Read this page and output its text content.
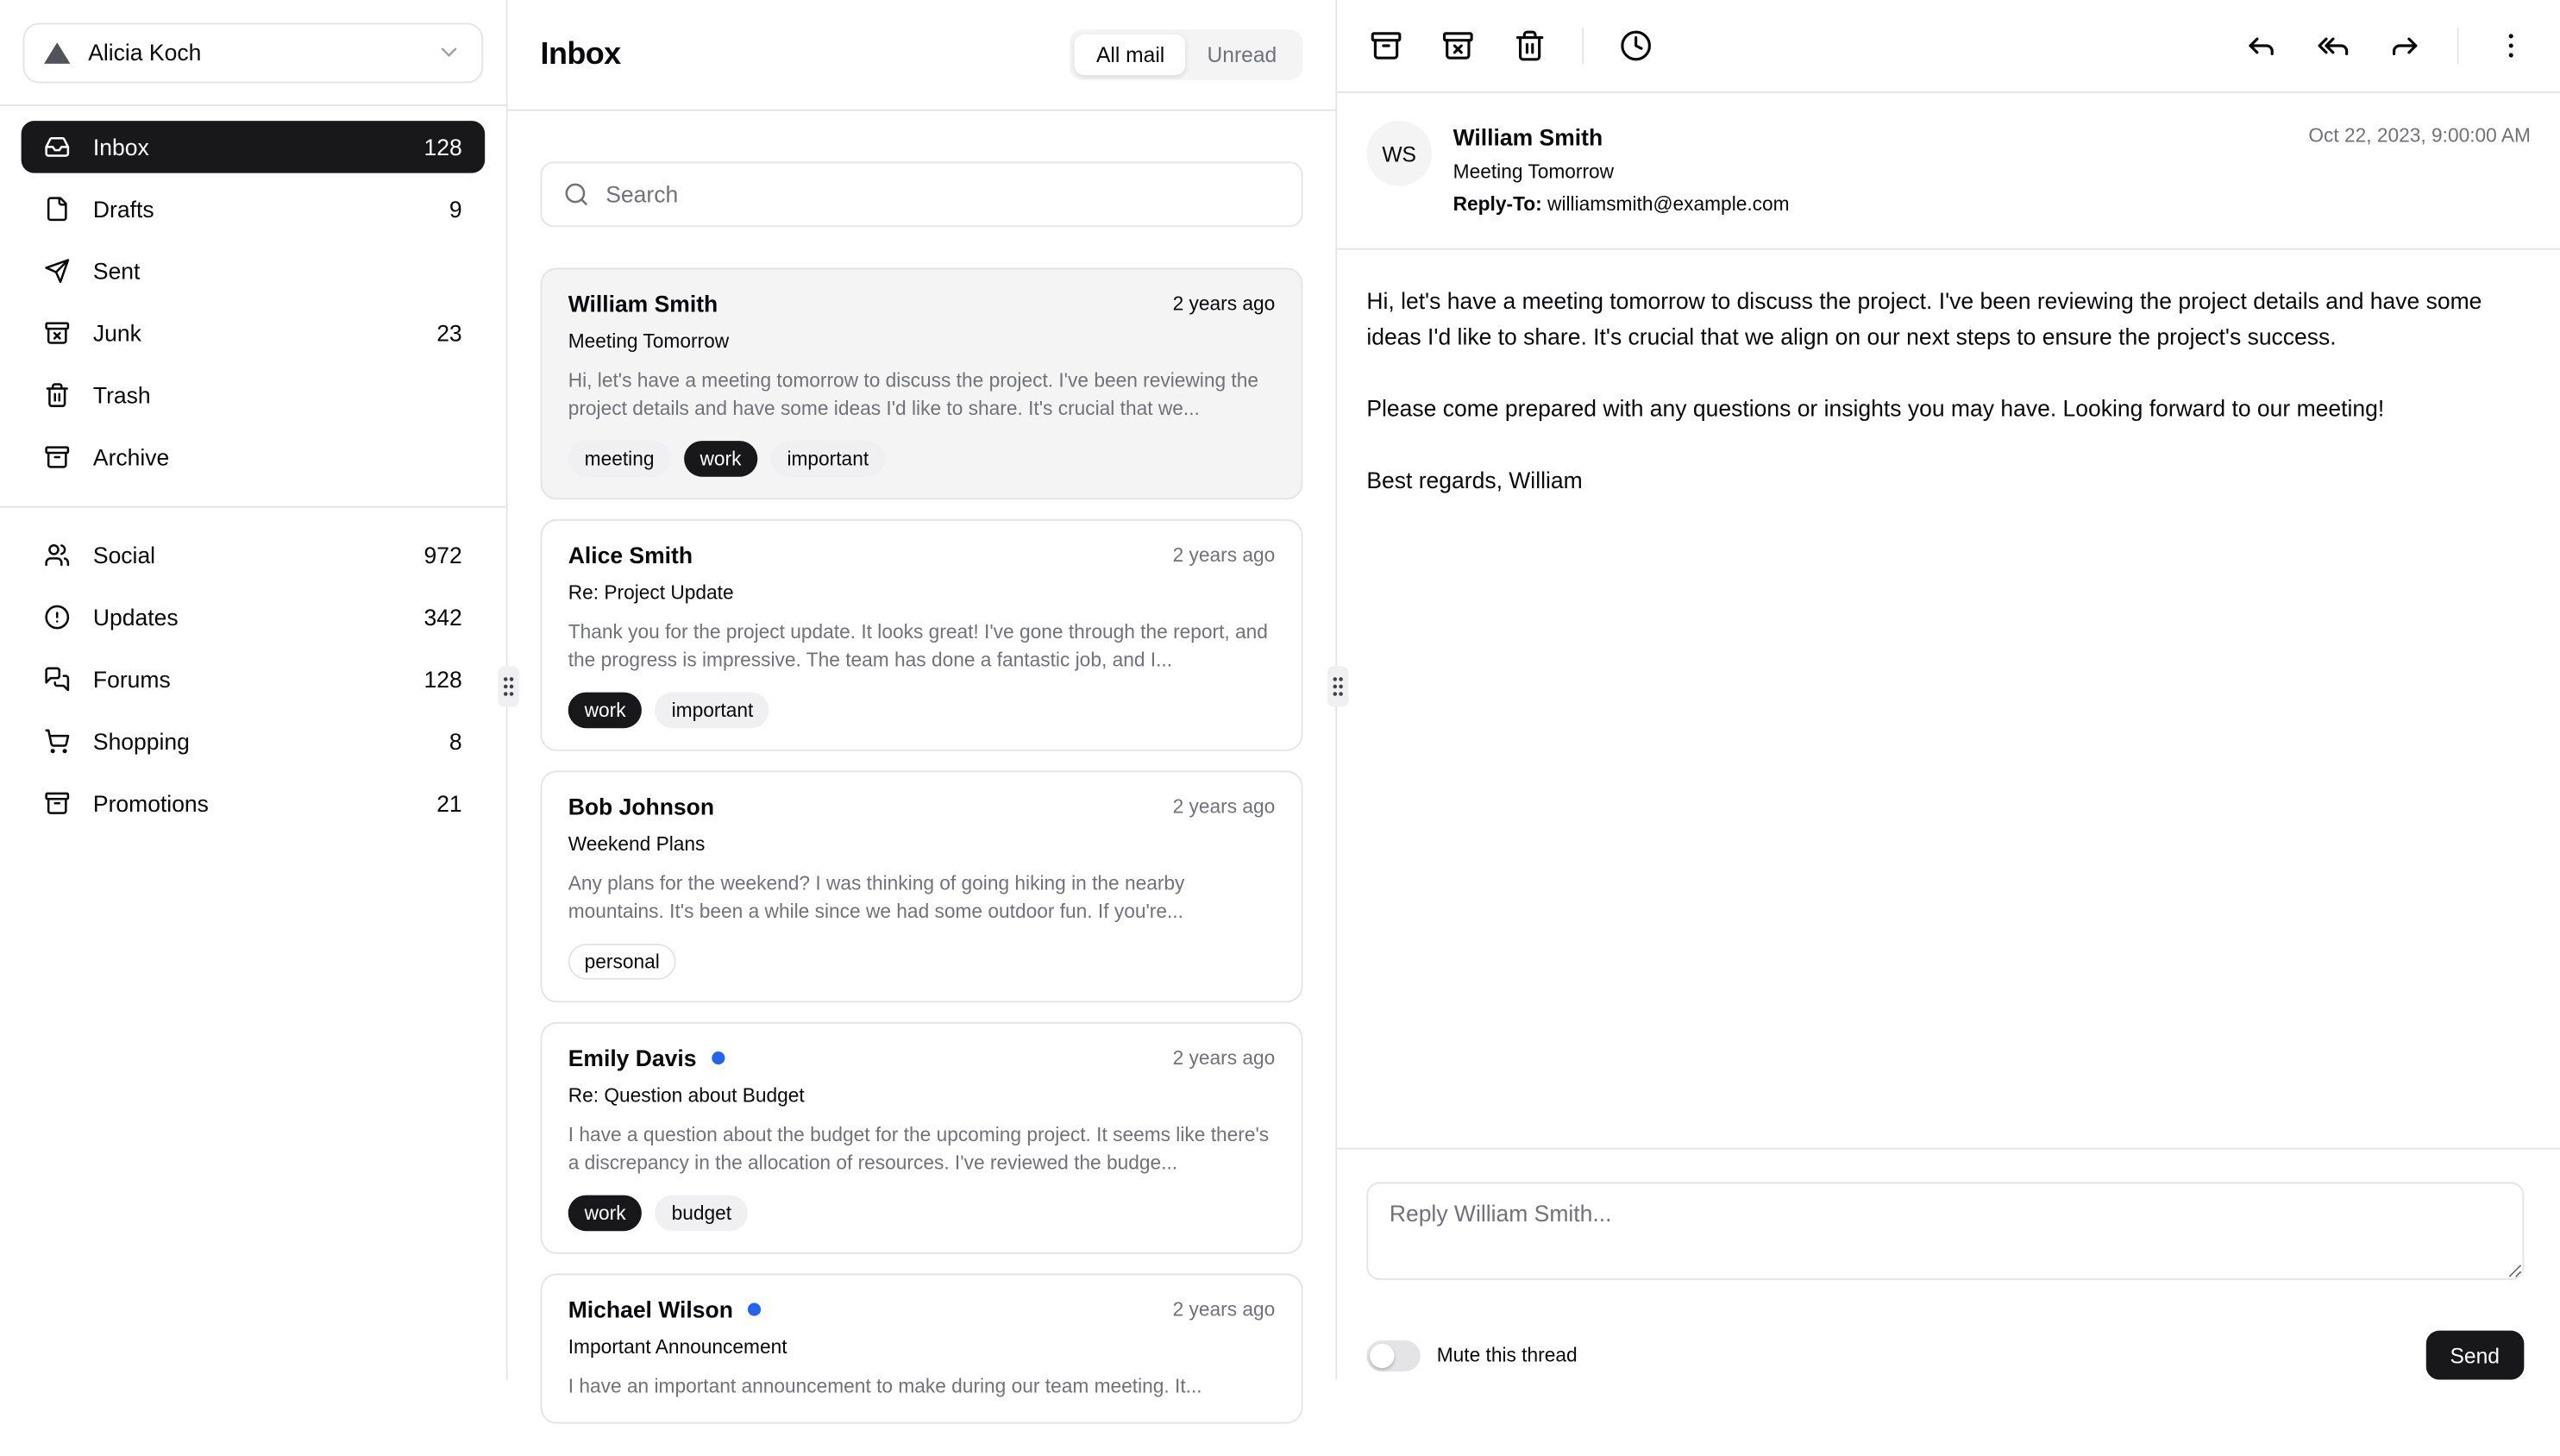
Alicia Koch
Inbox	128
Drafts	9
Sent
Junk	23
Trash
Archive
Social	972
Updates	342
Forums	128
Shopping	8
Promotions	21
Inbox	All mail	Unread
Search
William Smith	2 years ago
Meeting Tomorrow
Hi, let's have a meeting tomorrow to discuss the project. I've been reviewing the project details and have some ideas I'd like to share. It's crucial that we...
meeting	work	important
Alice Smith	2 years ago
Re: Project Update
Thank you for the project update. It looks great! I've gone through the report, and the progress is impressive. The team has done a fantastic job, and I...
work	important
Bob Johnson	2 years ago
Weekend Plans
Any plans for the weekend? I was thinking of going hiking in the nearby mountains. It's been a while since we had some outdoor fun. If you're...
personal
Emily Davis	2 years ago
Re: Question about Budget
I have a question about the budget for the upcoming project. It seems like there's a discrepancy in the allocation of resources. I've reviewed the budge...
work	budget
Michael Wilson	2 years ago
Important Announcement
I have an important announcement to make during our team meeting. It...
WS
William Smith
Meeting Tomorrow
Reply-To: williamsmith@example.com
Oct 22, 2023, 9:00:00 AM

Hi, let's have a meeting tomorrow to discuss the project. I've been reviewing the project details and have some ideas I'd like to share. It's crucial that we align on our next steps to ensure the project's success.

Please come prepared with any questions or insights you may have. Looking forward to our meeting!

Best regards, William

Reply William Smith...
Mute this thread	Send
